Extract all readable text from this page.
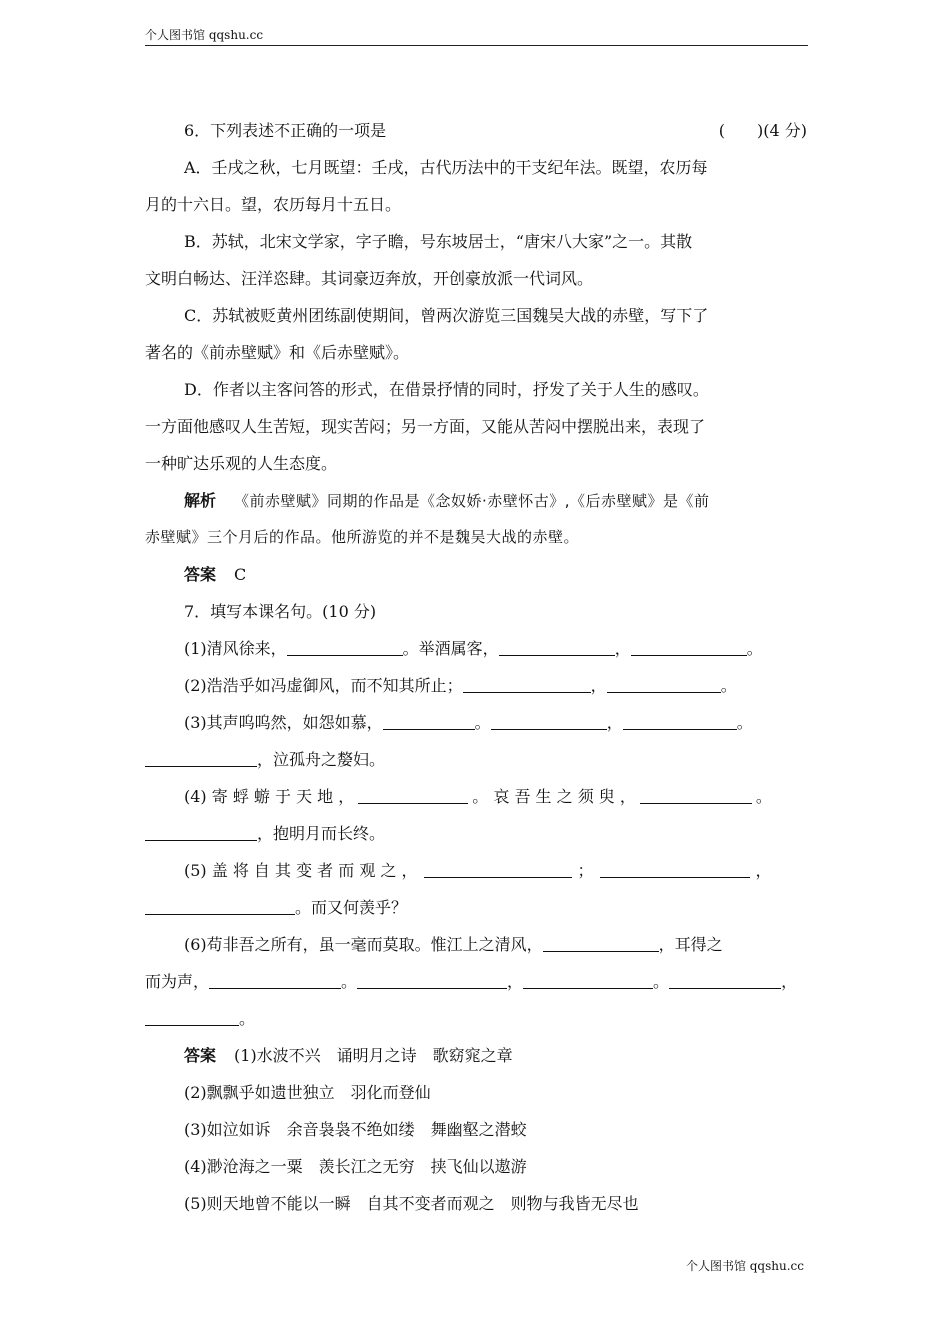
个人图书馆 qqshu.cc
6．下列表述不正确的一项是	(　　)(4 分)
A．壬戌之秋，七月既望：壬戌，古代历法中的干支纪年法。既望，农历每
月的十六日。望，农历每月十五日。
B．苏轼，北宋文学家，字子瞻，号东坡居士，“唐宋八大家”之一。其散
文明白畅达、汪洋恣肆。其词豪迈奔放，开创豪放派一代词风。
C．苏轼被贬黄州团练副使期间，曾两次游览三国魏吴大战的赤壁，写下了
著名的《前赤壁赋》和《后赤壁赋》。
D．作者以主客问答的形式，在借景抒情的同时，抒发了关于人生的感叹。
一方面他感叹人生苦短，现实苦闷；另一方面，又能从苦闷中摆脱出来，表现了
一种旷达乐观的人生态度。
解析 《前赤壁赋》同期的作品是《念奴娇·赤壁怀古》,《后赤壁赋》是《前
赤壁赋》三个月后的作品。他所游览的并不是魏吴大战的赤壁。
答案 C
7．填写本课名句。(10 分)
(1)清风徐来，	。举酒属客，	，	。
(2)浩浩乎如冯虚御风，而不知其所止；	，	。
(3)其声呜呜然，如怨如慕，	。	，	。
，泣孤舟之嫠妇。
(4) 寄 蜉 蝣 于 天 地 ，	。 哀 吾 生 之 须 臾 ，	。
，抱明月而长终。
(5) 盖 将 自 其 变 者 而 观 之 ，	；	，
。而又何羡乎？
(6)苟非吾之所有，虽一毫而莫取。惟江上之清风，	，耳得之
而为声，	。	，	。	，
。
答案 (1)水波不兴　诵明月之诗　歌窈窕之章
(2)飘飘乎如遗世独立　羽化而登仙
(3)如泣如诉　余音袅袅不绝如缕　舞幽壑之潜蛟
(4)渺沧海之一粟　羡长江之无穷　挟飞仙以遨游
(5)则天地曾不能以一瞬　自其不变者而观之　则物与我皆无尽也
个人图书馆 qqshu.cc
